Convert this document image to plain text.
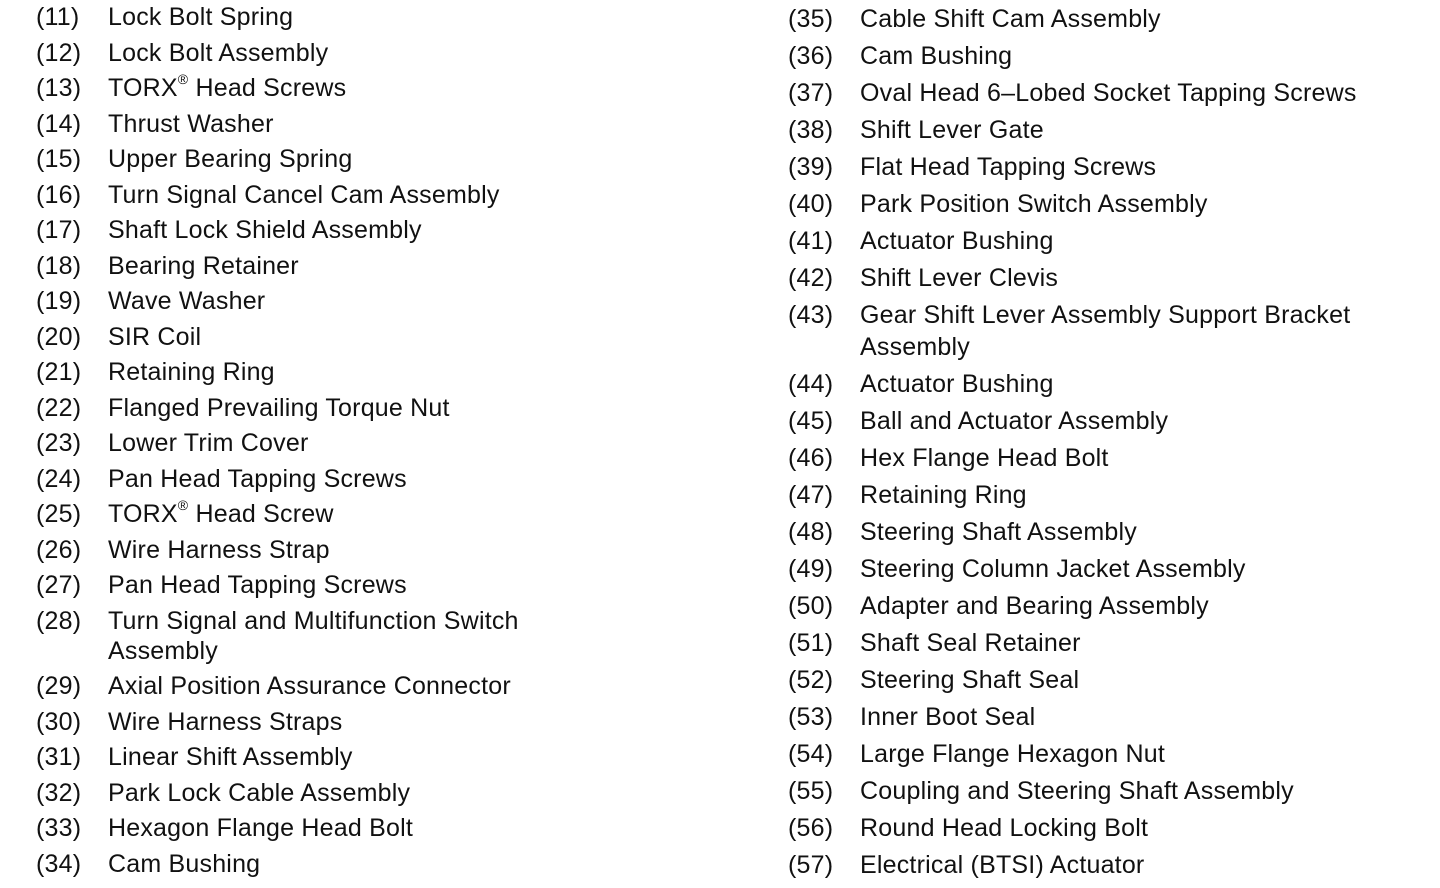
(11)	Lock Bolt Spring
(12)	Lock Bolt Assembly
(13)	TORX® Head Screws
(14)	Thrust Washer
(15)	Upper Bearing Spring
(16)	Turn Signal Cancel Cam Assembly
(17)	Shaft Lock Shield Assembly
(18)	Bearing Retainer
(19)	Wave Washer
(20)	SIR Coil
(21)	Retaining Ring
(22)	Flanged Prevailing Torque Nut
(23)	Lower Trim Cover
(24)	Pan Head Tapping Screws
(25)	TORX® Head Screw
(26)	Wire Harness Strap
(27)	Pan Head Tapping Screws
(28)	Turn Signal and Multifunction Switch Assembly
(29)	Axial Position Assurance Connector
(30)	Wire Harness Straps
(31)	Linear Shift Assembly
(32)	Park Lock Cable Assembly
(33)	Hexagon Flange Head Bolt
(34)	Cam Bushing
(35)	Cable Shift Cam Assembly
(36)	Cam Bushing
(37)	Oval Head 6–Lobed Socket Tapping Screws
(38)	Shift Lever Gate
(39)	Flat Head Tapping Screws
(40)	Park Position Switch Assembly
(41)	Actuator Bushing
(42)	Shift Lever Clevis
(43)	Gear Shift Lever Assembly Support Bracket Assembly
(44)	Actuator Bushing
(45)	Ball and Actuator Assembly
(46)	Hex Flange Head Bolt
(47)	Retaining Ring
(48)	Steering Shaft Assembly
(49)	Steering Column Jacket Assembly
(50)	Adapter and Bearing Assembly
(51)	Shaft Seal Retainer
(52)	Steering Shaft Seal
(53)	Inner Boot Seal
(54)	Large Flange Hexagon Nut
(55)	Coupling and Steering Shaft Assembly
(56)	Round Head Locking Bolt
(57)	Electrical (BTSI) Actuator
